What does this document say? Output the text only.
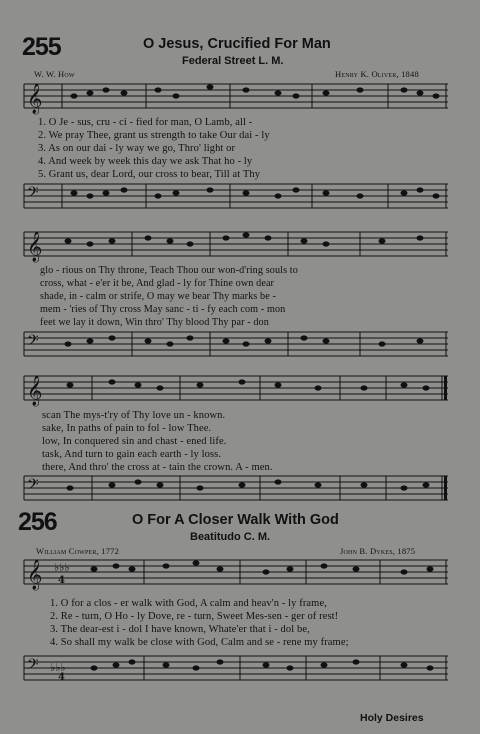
255	O Jesus, Crucified For Man
Federal Street L. M.
W. W. How	Henry K. Oliver, 1848
𝄞
1. O Je - sus, cru - ci - fied for man, O Lamb, all -
2. We pray Thee, grant us strength to take Our dai - ly
3. As on our dai - ly way we go, Thro' light or
4. And week by week this day we ask That ho - ly
5. Grant us, dear Lord, our cross to bear, Till at Thy
𝄢
𝄞
glo - rious on Thy throne, Teach Thou our won-d'ring souls to
cross, what - e'er it be, And glad - ly for Thine own dear
shade, in - calm or strife, O may we bear Thy marks be -
mem - 'ries of Thy cross May sanc - ti - fy each com - mon
feet we lay it down, Win thro' Thy blood Thy par - don
𝄢
𝄞
scan The mys-t'ry of Thy love un - known.
sake, In paths of pain to fol - low Thee.
low, In conquered sin and chast - ened life.
task, And turn to gain each earth - ly loss.
there, And thro' the cross at - tain the crown. A - men.
𝄢
256	O For A Closer Walk With God
Beatitudo C. M.
William Cowper, 1772	John B. Dykes, 1875
𝄞 ♭♭♭
4
1. O for a clos - er walk with God, A calm and heav'n - ly frame,
2. Re - turn, O Ho - ly Dove, re - turn, Sweet Mes-sen - ger of rest!
3. The dear-est i - dol I have known, Whate'er that i - dol be,
4. So shall my walk be close with God, Calm and se - rene my frame;
𝄢 ♭♭♭
4
Holy Desires
